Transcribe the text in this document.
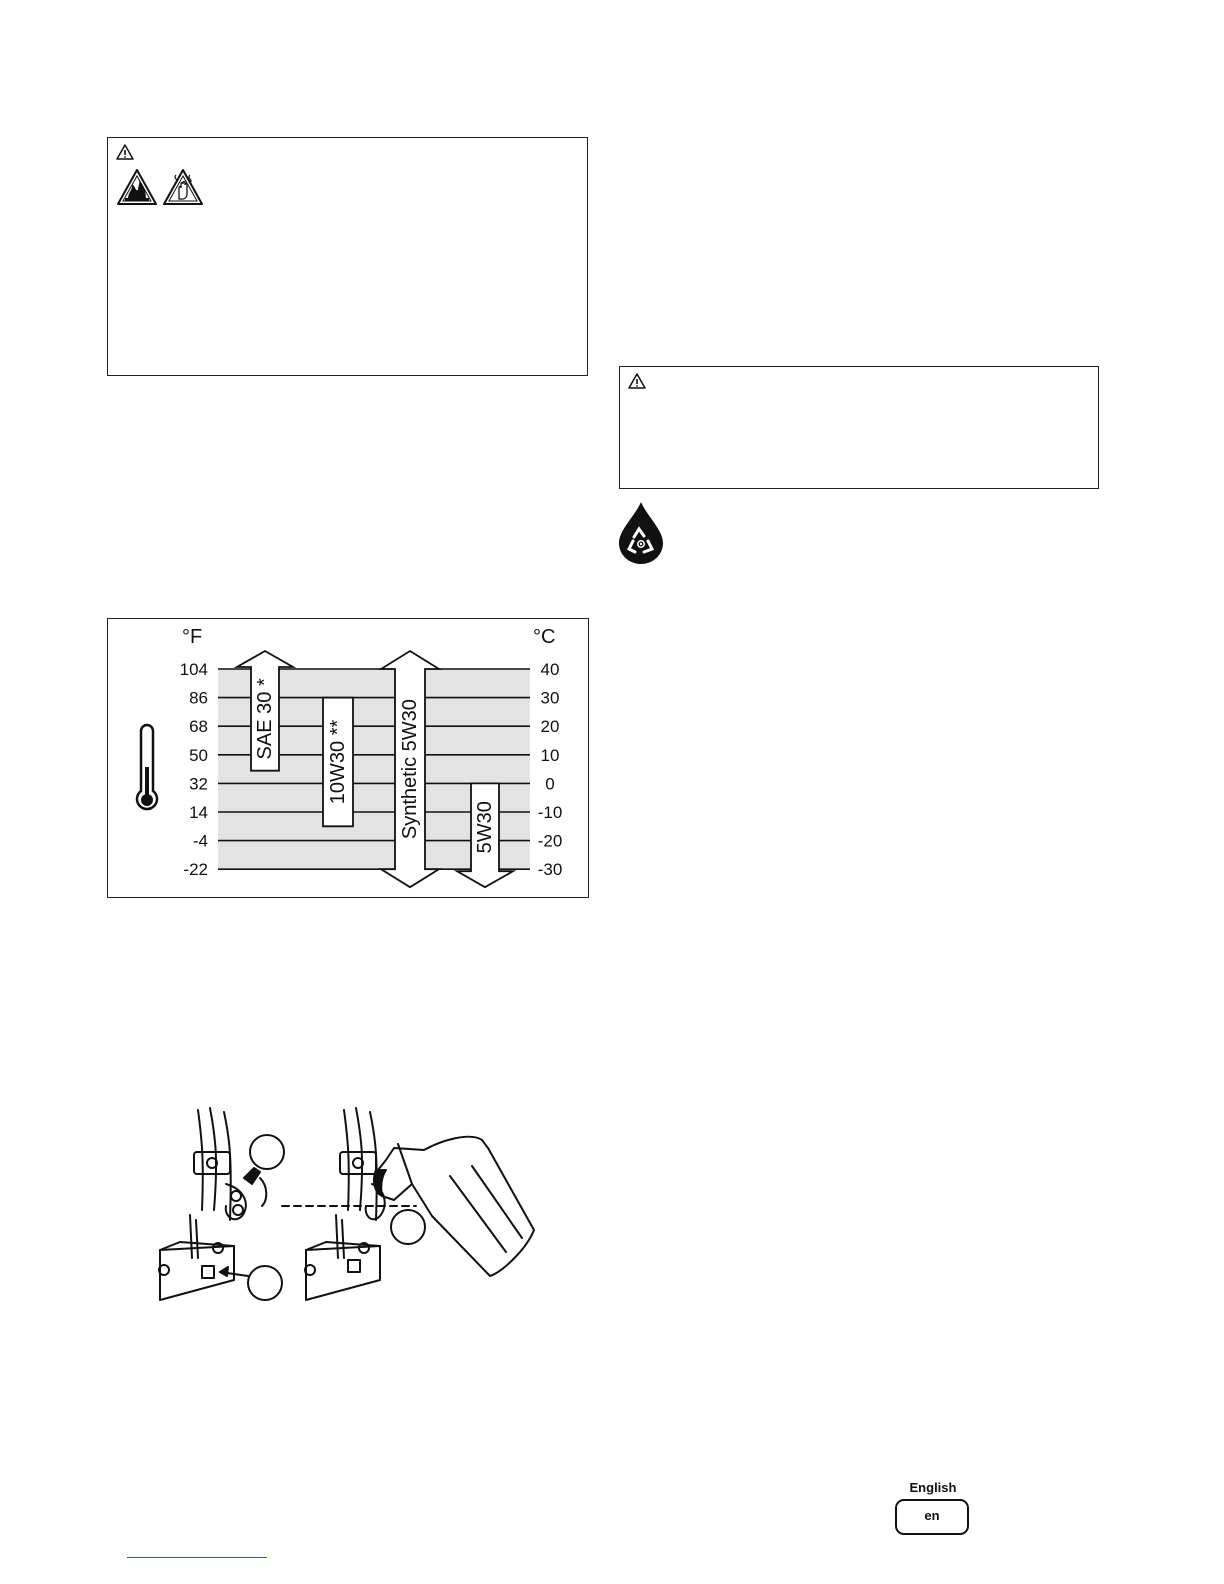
°F	°C
104
86
68
50
32
14
-4
-22
40
30
20
10
0
-10
-20
-30
SAE 30 *
10W30 **	Synthetic 5W30	5W30
English
en
